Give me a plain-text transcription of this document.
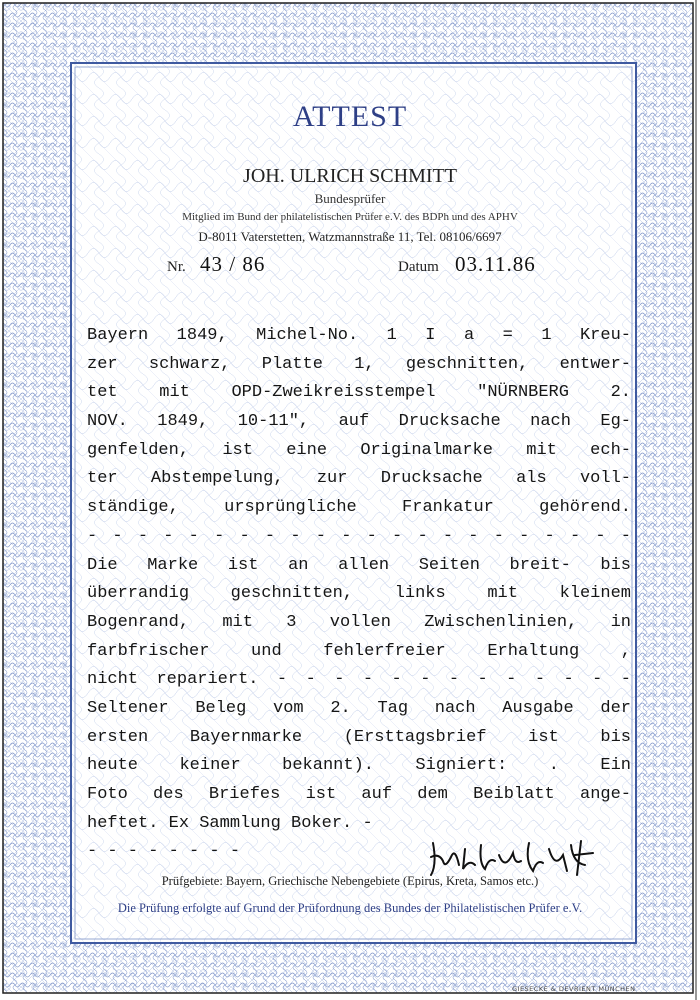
ATTEST
JOH. ULRICH SCHMITT
Bundesprüfer
Mitglied im Bund der philatelistischen Prüfer e.V. des BDPh und des APHV
D-8011 Vaterstetten, Watzmannstraße 11, Tel. 08106/6697
Nr. 43 / 86	Datum 03.11.86
Bayern 1849, Michel-No. 1 I a = 1 Kreu-
zer schwarz, Platte 1, geschnitten, entwer-
tet mit OPD-Zweikreisstempel "NÜRNBERG 2.
NOV. 1849, 10-11", auf Drucksache nach Eg-
genfelden, ist eine Originalmarke mit ech-
ter Abstempelung, zur Drucksache als voll-
ständige, ursprüngliche Frankatur gehörend.
- - - - - - - - - - - - - - - - - - - - - -
Die Marke ist an allen Seiten breit- bis
überrandig geschnitten, links mit kleinem
Bogenrand, mit 3 vollen Zwischenlinien, in
farbfrischer und fehlerfreier Erhaltung ,
nicht repariert. - - - - - - - - - - - - -
Seltener Beleg vom 2. Tag nach Ausgabe der
ersten Bayernmarke (Ersttagsbrief ist bis
heute keiner bekannt). Signiert: . Ein
Foto des Briefes ist auf dem Beiblatt ange-
heftet. Ex Sammlung Boker. -
- - - - - - - -
Prüfgebiete: Bayern, Griechische Nebengebiete (Epirus, Kreta, Samos etc.)
Die Prüfung erfolgte auf Grund der Prüfordnung des Bundes der Philatelistischen Prüfer e.V.
GIESECKE & DEVRIENT MÜNCHEN
